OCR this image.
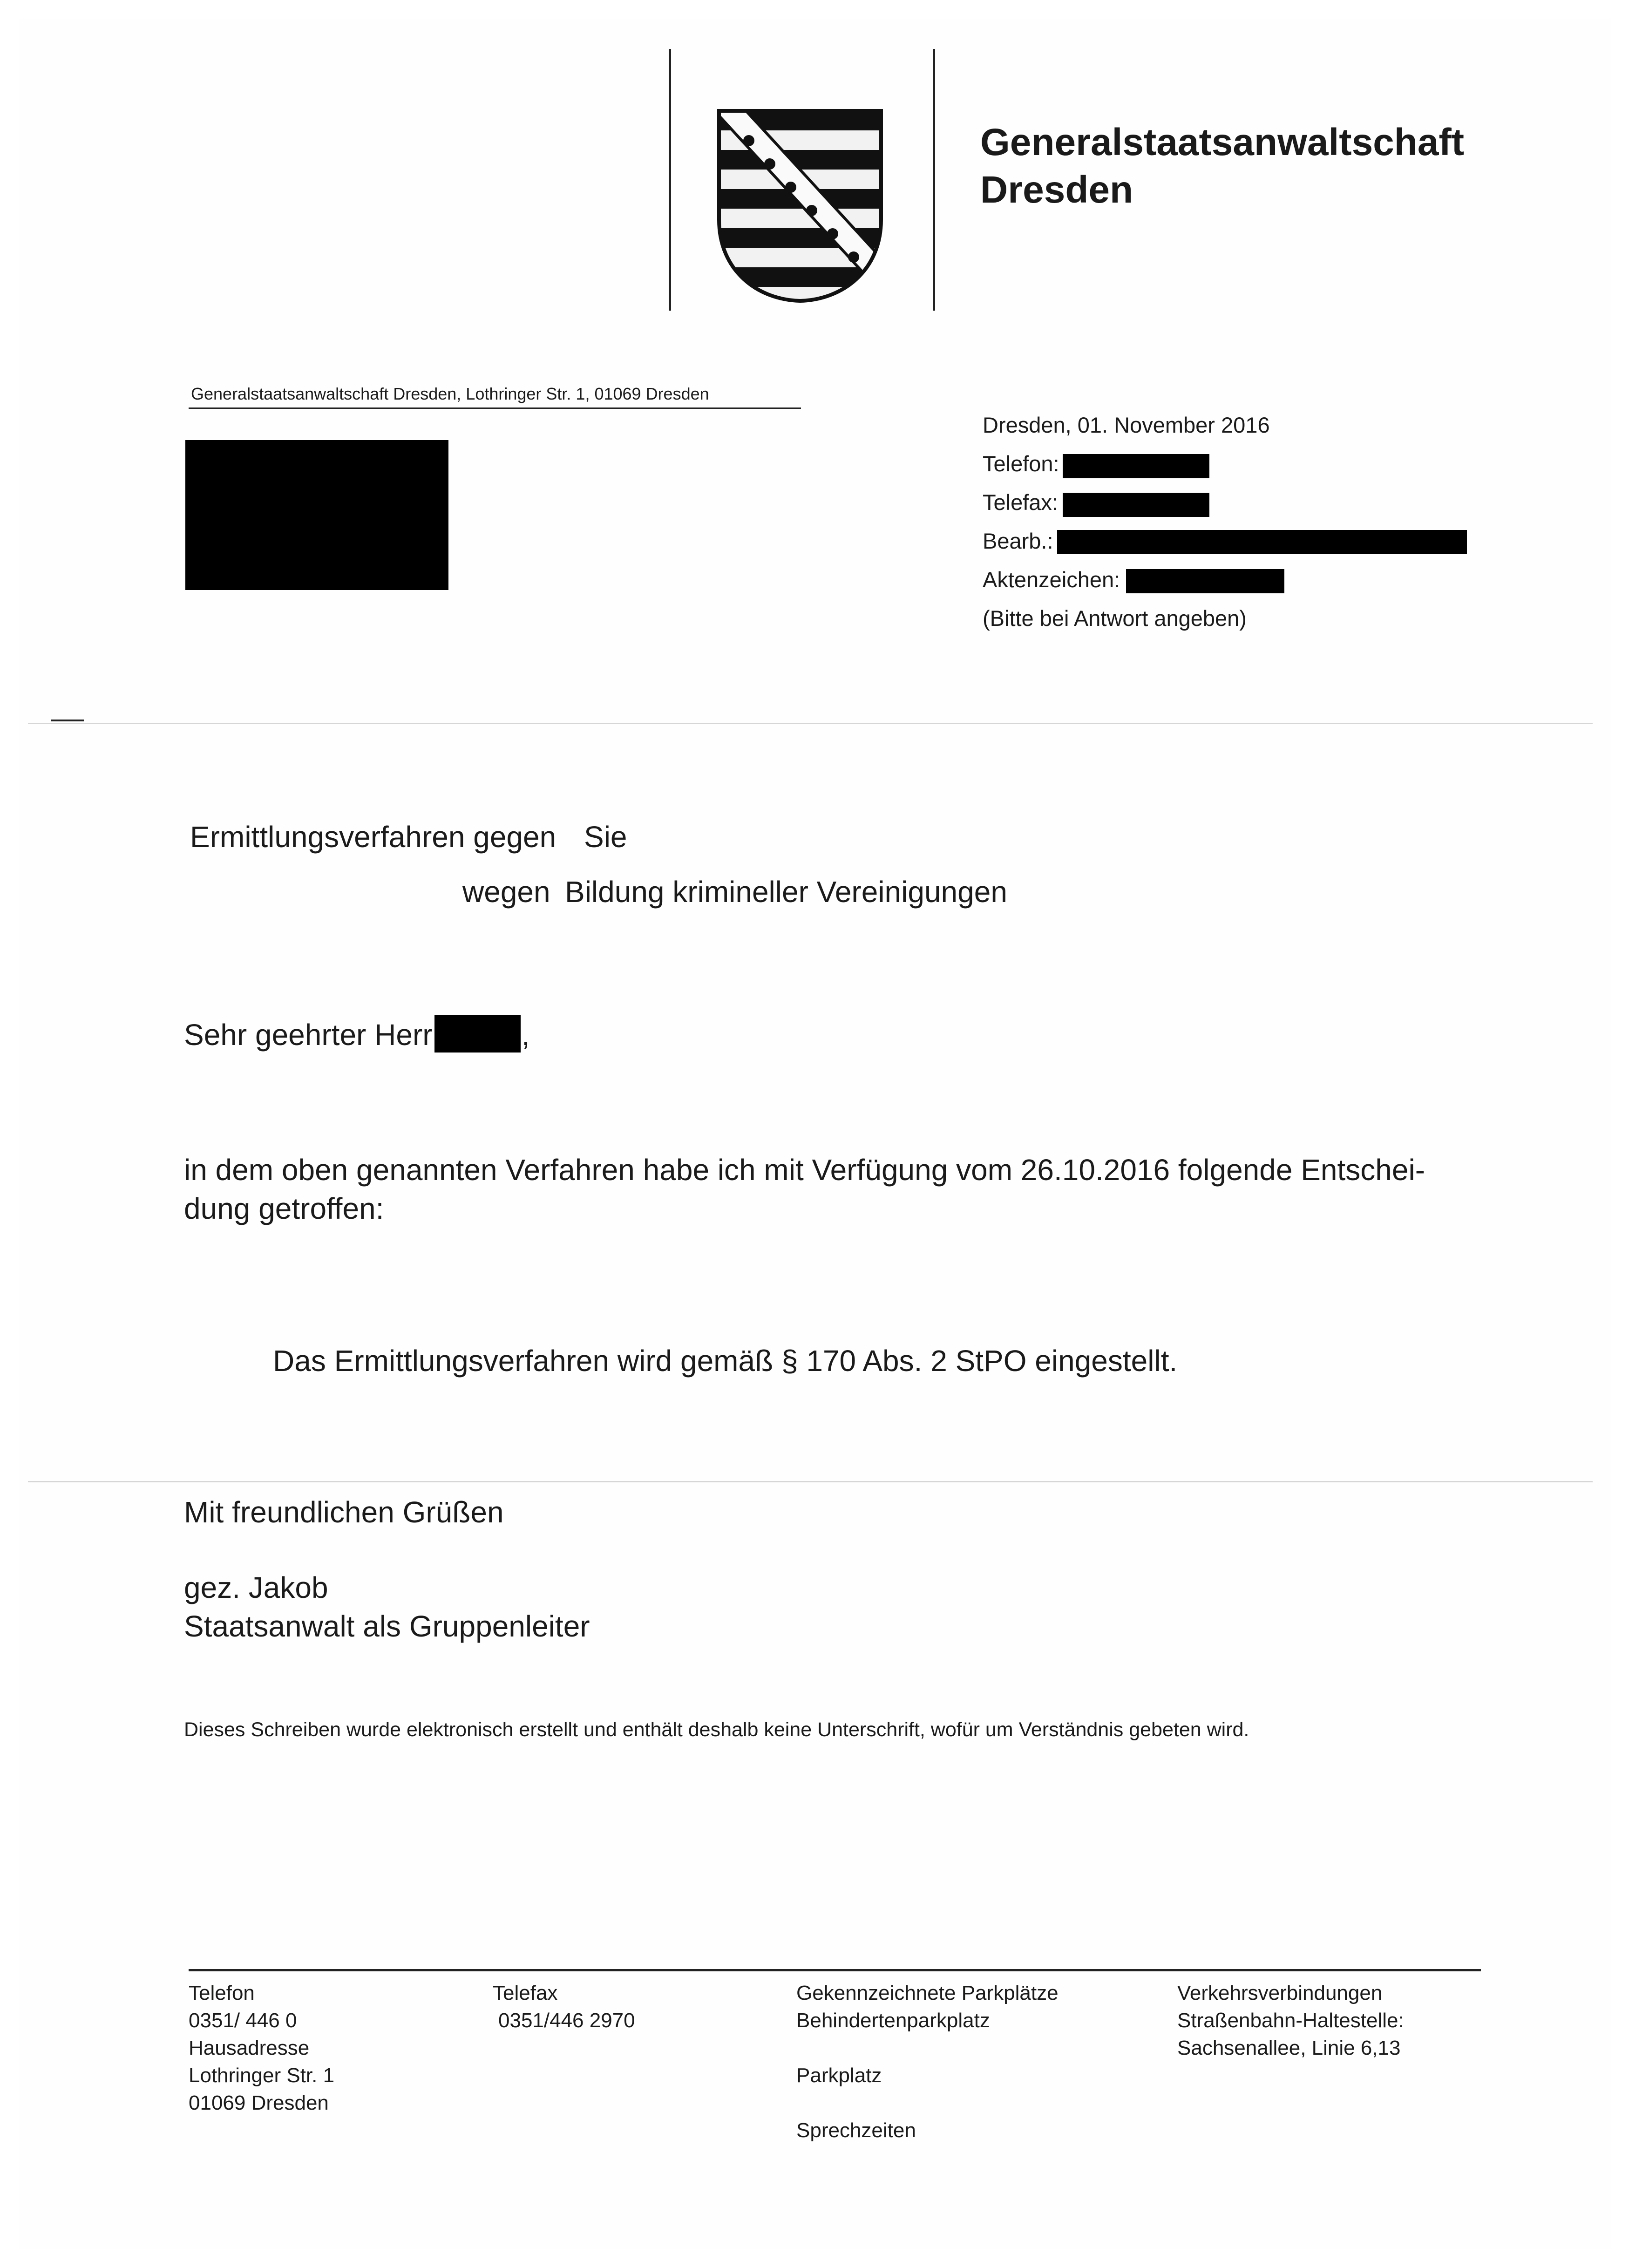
Generalstaatsanwaltschaft
Dresden
Generalstaatsanwaltschaft Dresden, Lothringer Str. 1, 01069 Dresden
Dresden, 01. November 2016
Telefon:
Telefax:
Bearb.:
Aktenzeichen:
(Bitte bei Antwort angeben)
Ermittlungsverfahren gegen Sie
wegen Bildung krimineller Vereinigungen
Sehr geehrter Herr	,
in dem oben genannten Verfahren habe ich mit Verfügung vom 26.10.2016 folgende Entschei-
dung getroffen:
Das Ermittlungsverfahren wird gemäß § 170 Abs. 2 StPO eingestellt.
Mit freundlichen Grüßen
gez. Jakob
Staatsanwalt als Gruppenleiter
Dieses Schreiben wurde elektronisch erstellt und enthält deshalb keine Unterschrift, wofür um Verständnis gebeten wird.
Telefon
0351/ 446 0
Hausadresse
Lothringer Str. 1
01069 Dresden
Telefax
0351/446 2970
Gekennzeichnete Parkplätze
Behindertenparkplatz
Parkplatz
Sprechzeiten
Verkehrsverbindungen
Straßenbahn-Haltestelle:
Sachsenallee, Linie 6,13
